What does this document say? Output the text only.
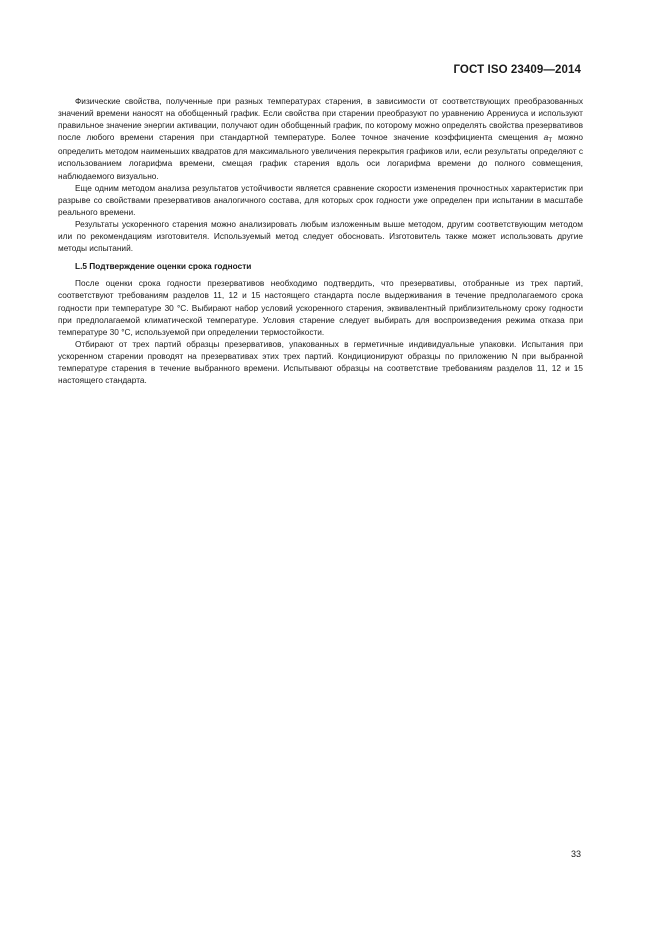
ГОСТ ISO 23409—2014

Физические свойства, полученные при разных температурах старения, в зависимости от соответствующих преобразованных значений времени наносят на обобщенный график. Если свойства при старении преобразуют по уравнению Аррениуса и используют правильное значение энергии активации, получают один обобщенный график, по которому можно определять свойства презервативов после любого времени старения при стандартной температуре. Более точное значение коэффициента смещения $a_T$ можно определить методом наименьших квадратов для максимального увеличения перекрытия графиков или, если результаты определяют с использованием логарифма времени, смещая график старения вдоль оси логарифма времени до полного совмещения, наблюдаемого визуально.

Еще одним методом анализа результатов устойчивости является сравнение скорости изменения прочностных характеристик при разрыве со свойствами презервативов аналогичного состава, для которых срок годности уже определен при испытании в масштабе реального времени.

Результаты ускоренного старения можно анализировать любым изложенным выше методом, другим соответствующим методом или по рекомендациям изготовителя. Используемый метод следует обосновать. Изготовитель также может использовать другие методы испытаний.

L.5 Подтверждение оценки срока годности

После оценки срока годности презервативов необходимо подтвердить, что презервативы, отобранные из трех партий, соответствуют требованиям разделов 11, 12 и 15 настоящего стандарта после выдерживания в течение предполагаемого срока годности при температуре 30 °С. Выбирают набор условий ускоренного старения, эквивалентный приблизительному сроку годности при предполагаемой климатической температуре. Условия старение следует выбирать для воспроизведения режима отказа при температуре 30 °С, используемой при определении термостойкости.

Отбирают от трех партий образцы презервативов, упакованных в герметичные индивидуальные упаковки. Испытания при ускоренном старении проводят на презервативах этих трех партий. Кондиционируют образцы по приложению N при выбранной температуре старения в течение выбранного времени. Испытывают образцы на соответствие требованиям разделов 11, 12 и 15 настоящего стандарта.

33
